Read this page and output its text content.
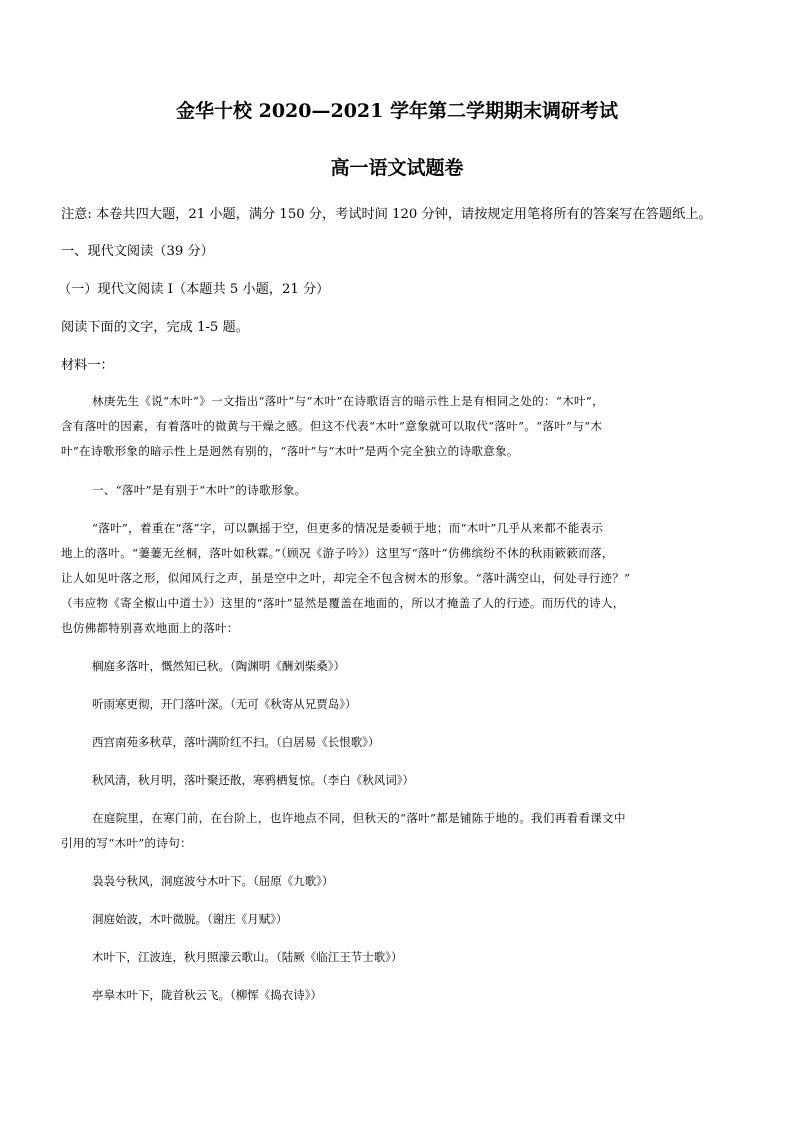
金华十校 2020—2021 学年第二学期期末调研考试
高一语文试题卷
注意: 本卷共四大题，21 小题，满分 150 分，考试时间 120 分钟，请按规定用笔将所有的答案写在答题纸上。
一、现代文阅读（39 分）
（一）现代文阅读 I（本题共 5 小题，21 分）
阅读下面的文字，完成 1-5 题。
材料一：
林庚先生《说“木叶”》一文指出“落叶”与“木叶”在诗歌语言的暗示性上是有相同之处的：“木叶”，
含有落叶的因素，有着落叶的微黄与干燥之感。但这不代表“木叶”意象就可以取代“落叶”。“落叶”与“木
叶”在诗歌形象的暗示性上是迥然有别的，“落叶”与“木叶”是两个完全独立的诗歌意象。
一、“落叶”是有别于“木叶”的诗歌形象。
“落叶”，着重在“落”字，可以飘摇于空，但更多的情况是委顿于地；而“木叶”几乎从来都不能表示
地上的落叶。“萋萋无丝桐，落叶如秋霖。”（顾况《游子吟》）这里写“落叶”仿佛缤纷不休的秋雨簌簌而落，
让人如见叶落之形，似闻风行之声，虽是空中之叶，却完全不包含树木的形象。“落叶满空山，何处寻行迹？”
（韦应物《寄全椒山中道士》）这里的“落叶”显然是覆盖在地面的，所以才掩盖了人的行迹。而历代的诗人，
也仿佛都特别喜欢地面上的落叶：
榈庭多落叶，慨然知已秋。（陶渊明《酬刘柴桑》）
听雨寒更彻，开门落叶深。（无可《秋寄从兄贾岛》）
西宫南苑多秋草，落叶满阶红不扫。（白居易《长恨歌》）
秋风清，秋月明，落叶聚还散，寒鸦栖复惊。（李白《秋风词》）
在庭院里，在寒门前，在台阶上，也许地点不同，但秋天的“落叶”都是铺陈于地的。我们再看看课文中
引用的写“木叶”的诗句：
袅袅兮秋风，洞庭波兮木叶下。（屈原《九歌》）
洞庭始波，木叶微脱。（谢庄《月赋》）
木叶下，江波连，秋月照濛云歌山。（陆厥《临江王节士歌》）
亭皋木叶下，陇首秋云飞。（柳恽《捣衣诗》）
